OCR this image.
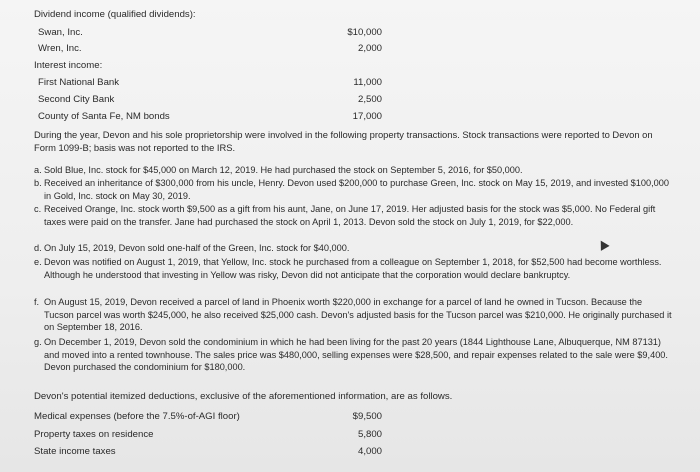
Dividend income (qualified dividends):
Swan, Inc.	$10,000
Wren, Inc.	2,000
Interest income:
First National Bank	11,000
Second City Bank	2,500
County of Santa Fe, NM bonds	17,000
During the year, Devon and his sole proprietorship were involved in the following property transactions. Stock transactions were reported to Devon on Form 1099-B; basis was not reported to the IRS.
a. Sold Blue, Inc. stock for $45,000 on March 12, 2019. He had purchased the stock on September 5, 2016, for $50,000.
b. Received an inheritance of $300,000 from his uncle, Henry. Devon used $200,000 to purchase Green, Inc. stock on May 15, 2019, and invested $100,000 in Gold, Inc. stock on May 30, 2019.
c. Received Orange, Inc. stock worth $9,500 as a gift from his aunt, Jane, on June 17, 2019. Her adjusted basis for the stock was $5,000. No Federal gift taxes were paid on the transfer. Jane had purchased the stock on April 1, 2013. Devon sold the stock on July 1, 2019, for $22,000.
d. On July 15, 2019, Devon sold one-half of the Green, Inc. stock for $40,000.
e. Devon was notified on August 1, 2019, that Yellow, Inc. stock he purchased from a colleague on September 1, 2018, for $52,500 had become worthless. Although he understood that investing in Yellow was risky, Devon did not anticipate that the corporation would declare bankruptcy.
f. On August 15, 2019, Devon received a parcel of land in Phoenix worth $220,000 in exchange for a parcel of land he owned in Tucson. Because the Tucson parcel was worth $245,000, he also received $25,000 cash. Devon's adjusted basis for the Tucson parcel was $210,000. He originally purchased it on September 18, 2016.
g. On December 1, 2019, Devon sold the condominium in which he had been living for the past 20 years (1844 Lighthouse Lane, Albuquerque, NM 87131) and moved into a rented townhouse. The sales price was $480,000, selling expenses were $28,500, and repair expenses related to the sale were $9,400. Devon purchased the condominium for $180,000.
Devon's potential itemized deductions, exclusive of the aforementioned information, are as follows.
Medical expenses (before the 7.5%-of-AGI floor)	$9,500
Property taxes on residence	5,800
State income taxes	4,000
